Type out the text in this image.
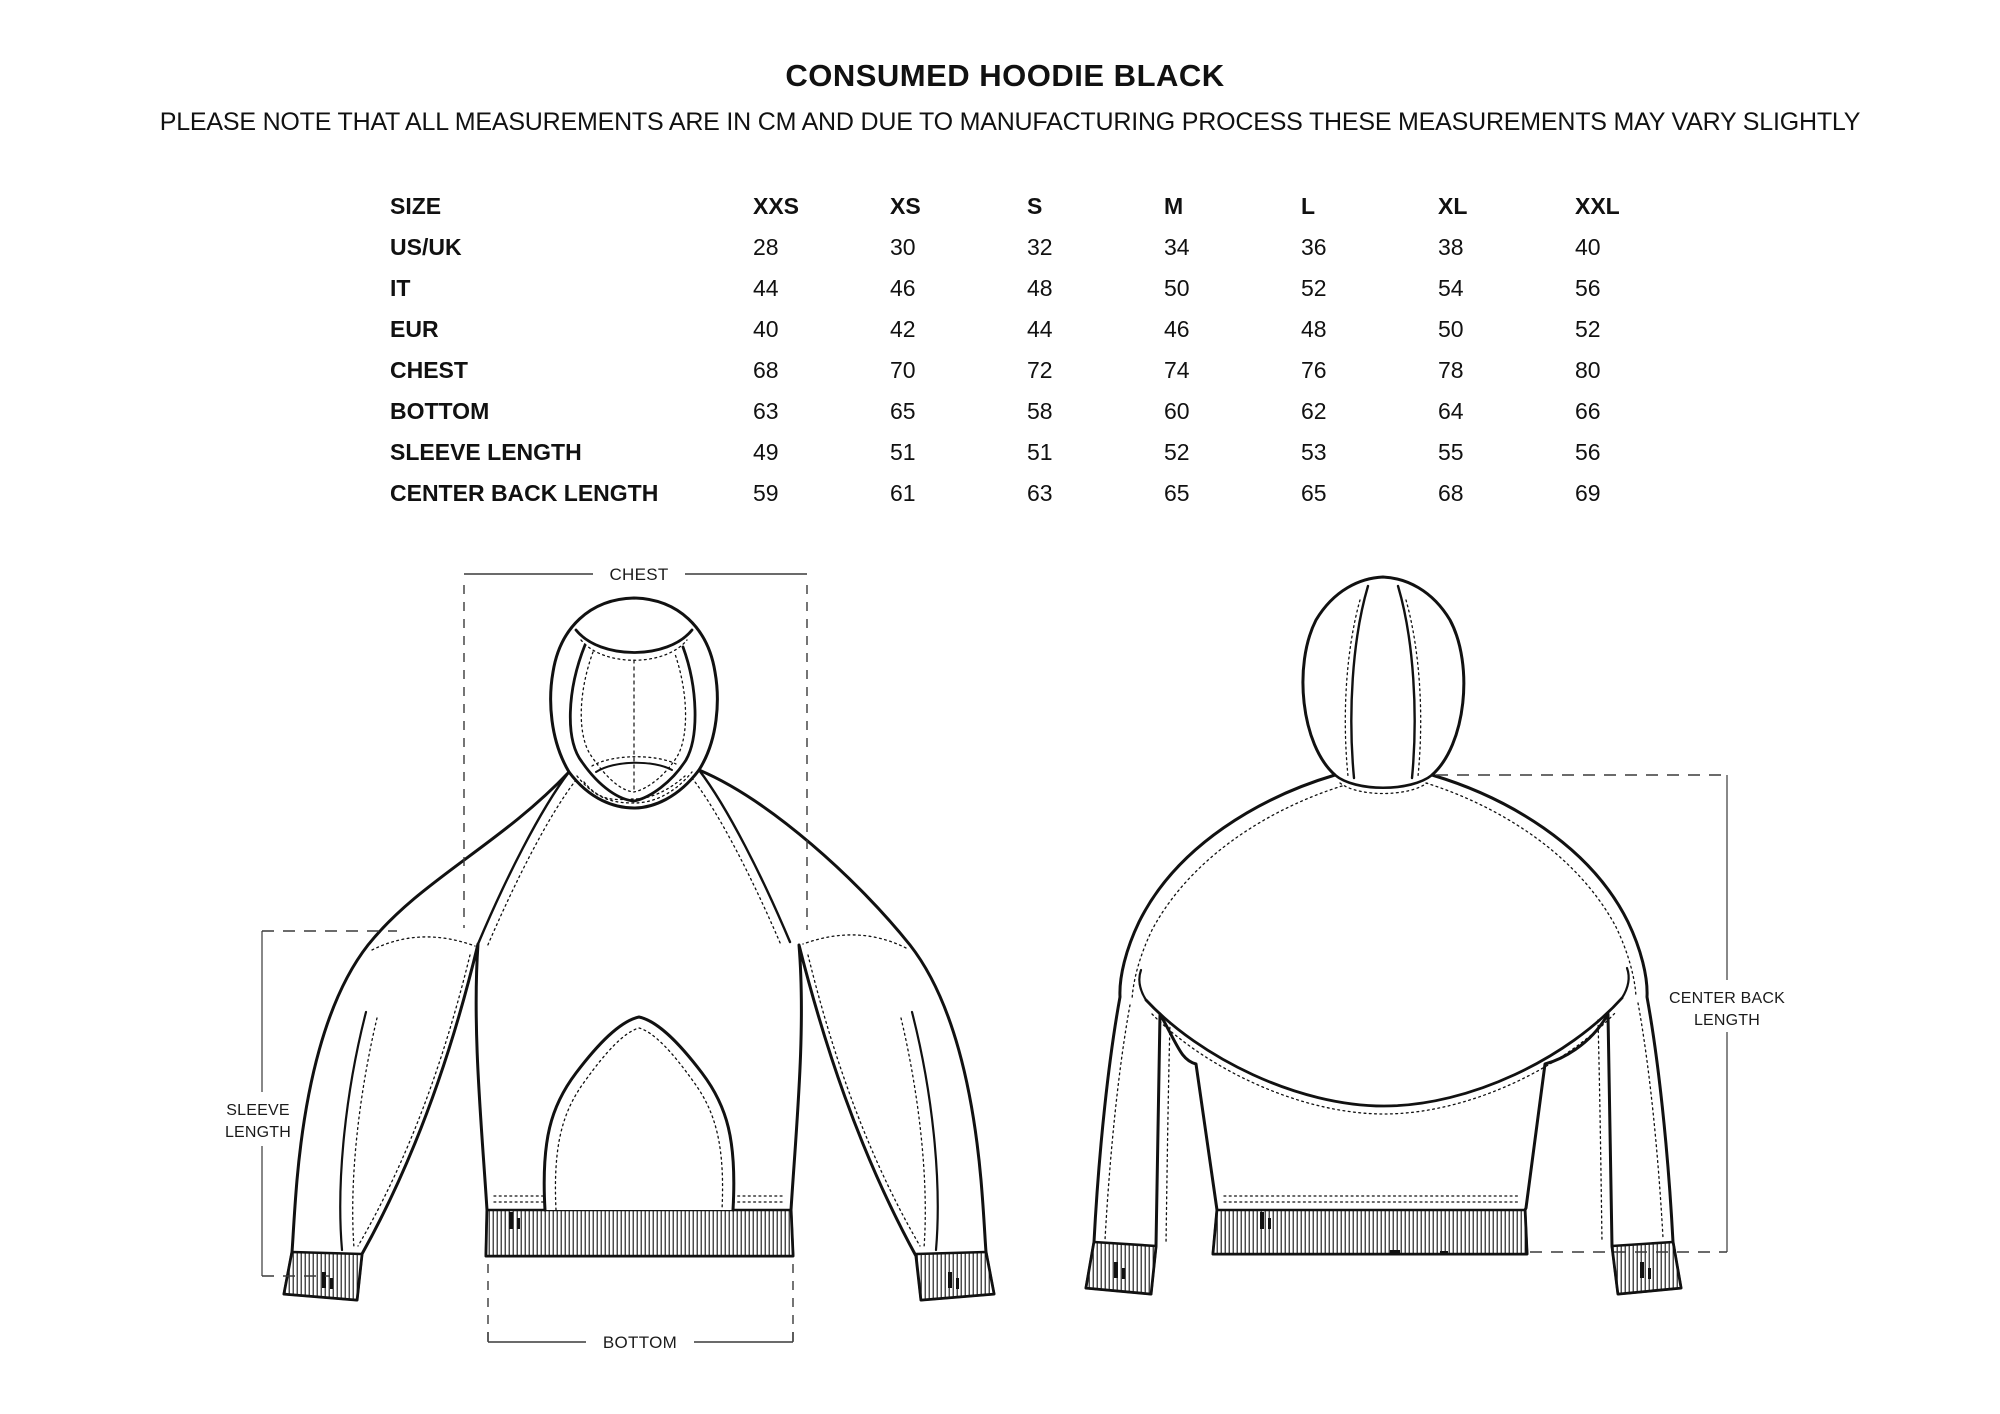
CONSUMED HOODIE BLACK
PLEASE NOTE THAT ALL MEASUREMENTS ARE IN CM AND DUE TO MANUFACTURING PROCESS THESE MEASUREMENTS MAY VARY SLIGHTLY
SIZE	XXS	XS	S	M	L	XL	XXL
US/UK	28	30	32	34	36	38	40
IT	44	46	48	50	52	54	56
EUR	40	42	44	46	48	50	52
CHEST	68	70	72	74	76	78	80
BOTTOM	63	65	58	60	62	64	66
SLEEVE LENGTH	49	51	51	52	53	55	56
CENTER BACK LENGTH	59	61	63	65	65	68	69
CHEST
BOTTOM
SLEEVE
LENGTH
CENTER BACK
LENGTH
